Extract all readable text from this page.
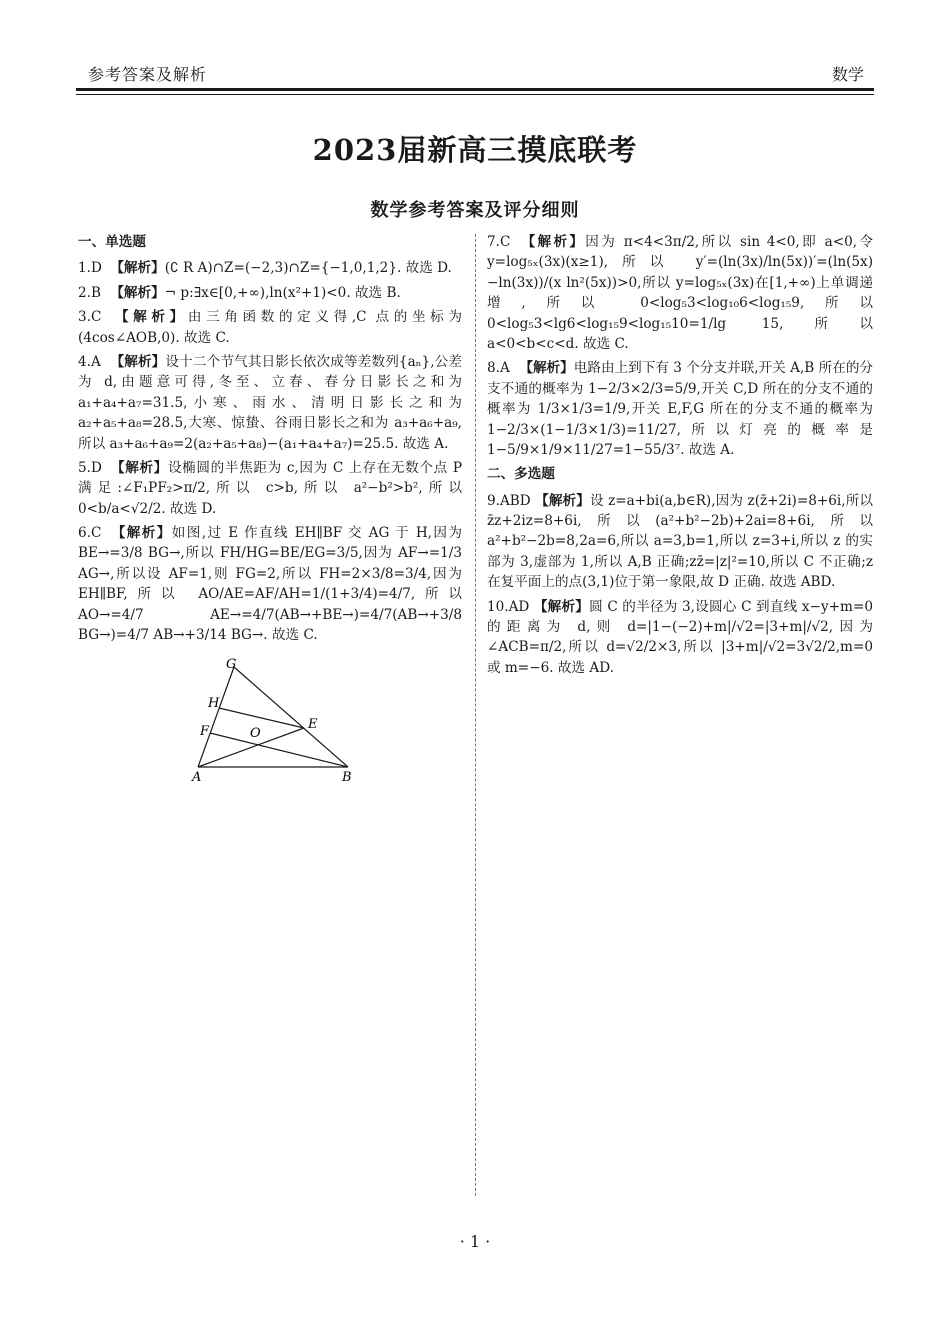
参考答案及解析	数学
2023届新高三摸底联考
数学参考答案及评分细则
一、单选题
1.D 【解析】(∁ R A)∩Z=(−2,3)∩Z={−1,0,1,2}. 故选 D.
2.B 【解析】¬ p:∃x∈[0,+∞),ln(x²+1)<0. 故选 B.
3.C 【解析】由三角函数的定义得,C 点的坐标为(4cos∠AOB,0). 故选 C.
4.A 【解析】设十二个节气其日影长依次成等差数列{aₙ},公差为 d,由题意可得,冬至、立春、春分日影长之和为 a₁+a₄+a₇=31.5,小寒、雨水、清明日影长之和为 a₂+a₅+a₈=28.5,大寒、惊蛰、谷雨日影长之和为 a₃+a₆+a₉,所以 a₃+a₆+a₉=2(a₂+a₅+a₈)−(a₁+a₄+a₇)=25.5. 故选 A.
5.D 【解析】设椭圆的半焦距为 c,因为 C 上存在无数个点 P 满足:∠F₁PF₂>π/2,所以 c>b,所以 a²−b²>b²,所以 0<b/a<√2/2. 故选 D.
6.C 【解析】如图,过 E 作直线 EH∥BF 交 AG 于 H,因为 BE→=3/8 BG→,所以 FH/HG=BE/EG=3/5,因为 AF→=1/3 AG→,所以设 AF=1,则 FG=2,所以 FH=2×3/8=3/4,因为 EH∥BF,所以 AO/AE=AF/AH=1/(1+3/4)=4/7,所以 AO→=4/7 AE→=4/7(AB→+BE→)=4/7(AB→+3/8 BG→)=4/7 AB→+3/14 BG→. 故选 C.
G
H
F	O
E
A	B
7.C 【解析】因为 π<4<3π/2,所以 sin 4<0,即 a<0,令 y=log₅ₓ(3x)(x≥1),所以 y′=(ln(3x)/ln(5x))′=(ln(5x)−ln(3x))/(x ln²(5x))>0,所以 y=log₅ₓ(3x)在[1,+∞)上单调递增,所以 0<log₅3<log₁₀6<log₁₅9,所以 0<log₅3<lg6<log₁₅9<log₁₅10=1/lg 15,所以 a<0<b<c<d. 故选 C.
8.A 【解析】电路由上到下有 3 个分支并联,开关 A,B 所在的分支不通的概率为 1−2/3×2/3=5/9,开关 C,D 所在的分支不通的概率为 1/3×1/3=1/9,开关 E,F,G 所在的分支不通的概率为 1−2/3×(1−1/3×1/3)=11/27,所以灯亮的概率是 1−5/9×1/9×11/27=1−55/3⁷. 故选 A.
二、多选题
9.ABD 【解析】设 z=a+bi(a,b∈R),因为 z(z̄+2i)=8+6i,所以 z̄z+2iz=8+6i,所以(a²+b²−2b)+2ai=8+6i,所以 a²+b²−2b=8,2a=6,所以 a=3,b=1,所以 z=3+i,所以 z 的实部为 3,虚部为 1,所以 A,B 正确;zz̄=|z|²=10,所以 C 不正确;z 在复平面上的点(3,1)位于第一象限,故 D 正确. 故选 ABD.
10.AD 【解析】圆 C 的半径为 3,设圆心 C 到直线 x−y+m=0 的距离为 d,则 d=|1−(−2)+m|/√2=|3+m|/√2,因为∠ACB=π/2,所以 d=√2/2×3,所以 |3+m|/√2=3√2/2,m=0 或 m=−6. 故选 AD.
· 1 ·
